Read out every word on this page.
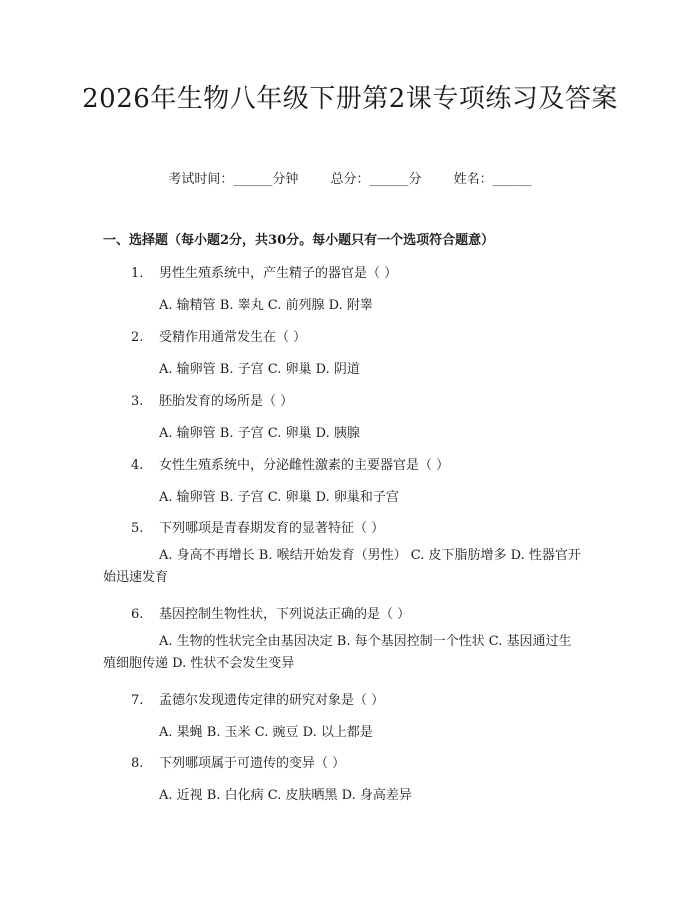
2026年生物八年级下册第2课专项练习及答案
考试时间：______分钟 总分：______分 姓名：______
一、选择题（每小题2分，共30分。每小题只有一个选项符合题意）
1. 男性生殖系统中，产生精子的器官是（ ）
A. 输精管 B. 睾丸 C. 前列腺 D. 附睾
2. 受精作用通常发生在（ ）
A. 输卵管 B. 子宫 C. 卵巢 D. 阴道
3. 胚胎发育的场所是（ ）
A. 输卵管 B. 子宫 C. 卵巢 D. 胰腺
4. 女性生殖系统中，分泌雌性激素的主要器官是（ ）
A. 输卵管 B. 子宫 C. 卵巢 D. 卵巢和子宫
5. 下列哪项是青春期发育的显著特征（ ）
A. 身高不再增长 B. 喉结开始发育（男性） C. 皮下脂肪增多 D. 性器官开始迅速发育
6. 基因控制生物性状，下列说法正确的是（ ）
A. 生物的性状完全由基因决定 B. 每个基因控制一个性状 C. 基因通过生殖细胞传递 D. 性状不会发生变异
7. 孟德尔发现遗传定律的研究对象是（ ）
A. 果蝇 B. 玉米 C. 豌豆 D. 以上都是
8. 下列哪项属于可遗传的变异（ ）
A. 近视 B. 白化病 C. 皮肤晒黑 D. 身高差异
